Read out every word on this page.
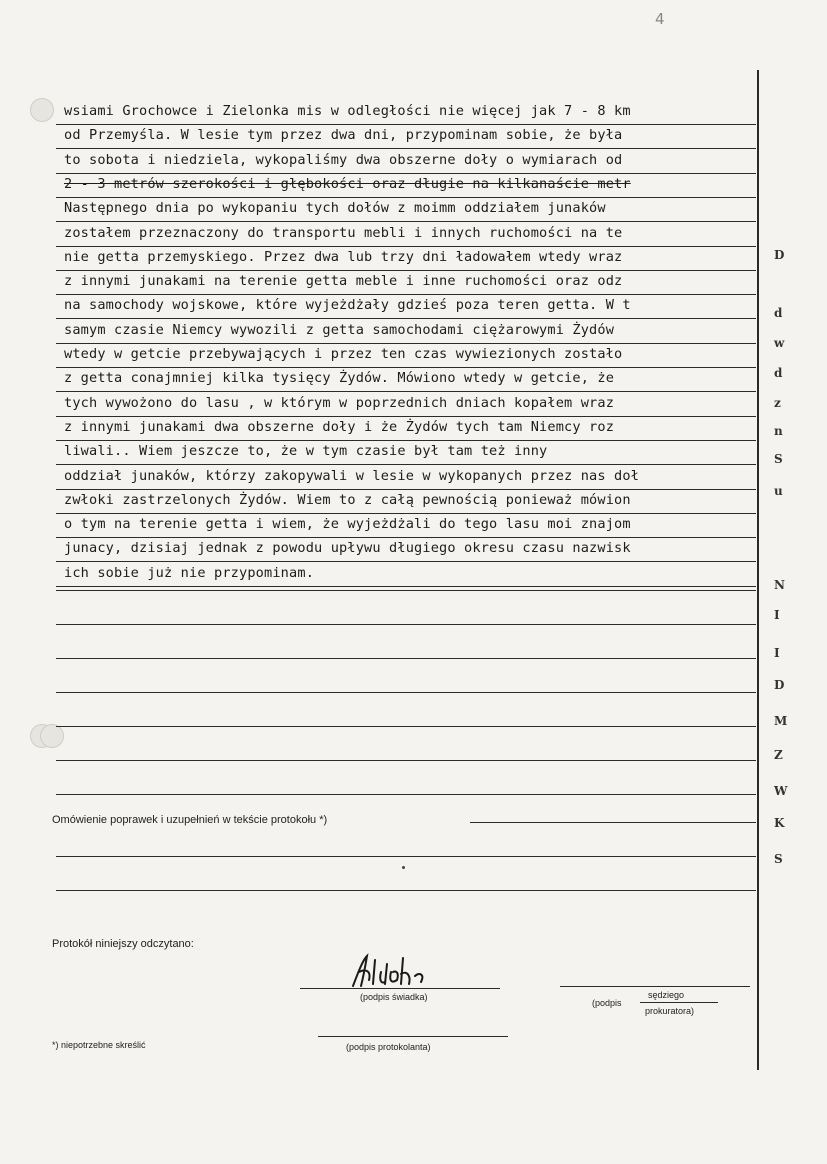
4
D
d
w
d
z
n
S
u
N
I
I
D
M
Z
W
K
S
wsiami Grochowce i Zielonka mis w odległości nie więcej jak 7 - 8 km
od Przemyśla. W lesie tym przez dwa dni, przypominam sobie, że była
to sobota i niedziela, wykopaliśmy dwa obszerne doły o wymiarach od
2 - 3 metrów szerokości i głębokości oraz długie na kilkanaście metr
Następnego dnia po wykopaniu tych dołów z moimm oddziałem junaków
zostałem przeznaczony do transportu mebli i innych ruchomości na te
nie getta przemyskiego. Przez dwa lub trzy dni ładowałem wtedy wraz
z innymi junakami na terenie getta meble i inne ruchomości oraz odz
na samochody wojskowe, które wyjeżdżały gdzieś poza teren getta. W t
samym czasie Niemcy wywozili z getta samochodami ciężarowymi Żydów
wtedy w getcie przebywających i przez ten czas wywiezionych zostało
z getta conajmniej kilka tysięcy Żydów. Mówiono wtedy w getcie, że
tych wywożono do lasu , w którym w poprzednich dniach kopałem wraz
z innymi junakami dwa obszerne doły i że Żydów tych tam Niemcy roz
liwali.. Wiem jeszcze to, że w tym czasie był tam też inny
oddział junaków, którzy zakopywali w lesie w wykopanych przez nas doł
zwłoki zastrzelonych Żydów. Wiem to z całą pewnością ponieważ mówion
o tym na terenie getta i wiem, że wyjeżdżali do tego lasu moi znajom
junacy, dzisiaj jednak z powodu upływu długiego okresu czasu nazwisk
ich sobie już nie przypominam.
Omówienie poprawek i uzupełnień w tekście protokołu *)
Protokół niniejszy odczytano:
(podpis świadka)
(podpis
sędziego
prokuratora)
(podpis protokolanta)
*) niepotrzebne skreślić
